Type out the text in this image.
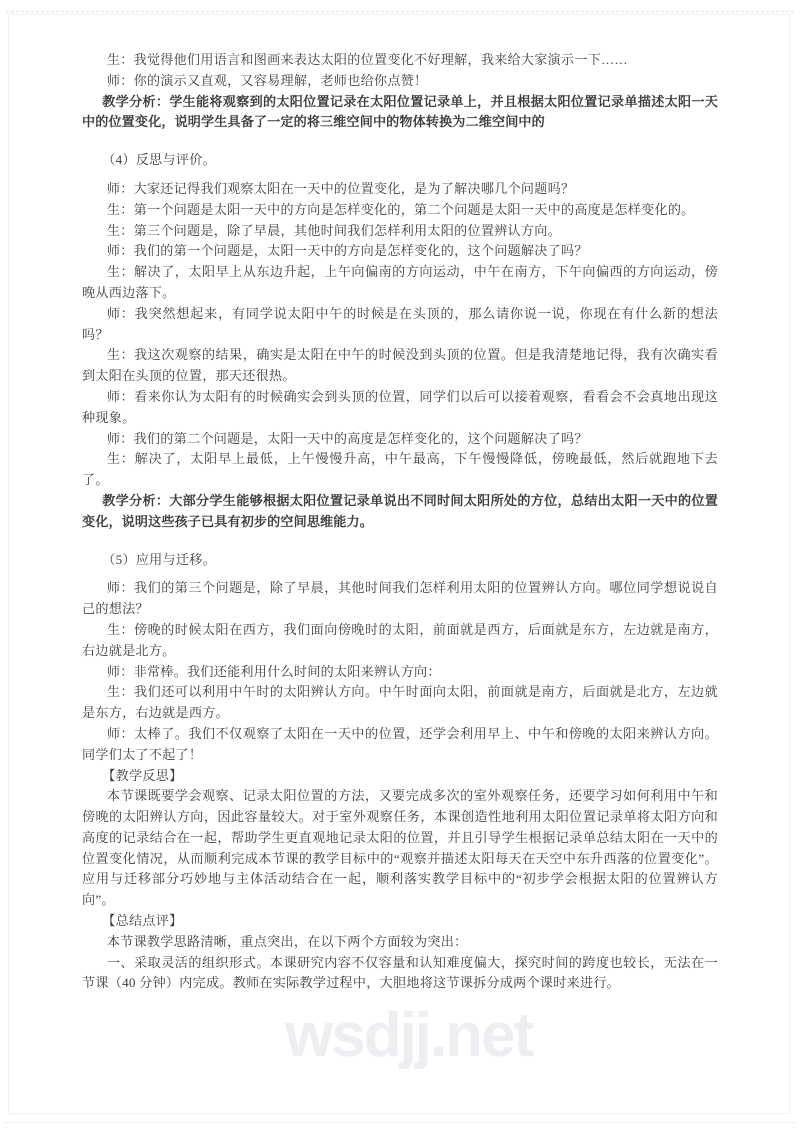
wsdjj.net

生：我觉得他们用语言和图画来表达太阳的位置变化不好理解，我来给大家演示一下……

师：你的演示又直观，又容易理解，老师也给你点赞！

教学分析：学生能将观察到的太阳位置记录在太阳位置记录单上，并且根据太阳位置记录单描述太阳一天中的位置变化，说明学生具备了一定的将三维空间中的物体转换为二维空间中的

（4）反思与评价。

师：大家还记得我们观察太阳在一天中的位置变化，是为了解决哪几个问题吗？

生：第一个问题是太阳一天中的方向是怎样变化的，第二个问题是太阳一天中的高度是怎样变化的。

生：第三个问题是，除了早晨，其他时间我们怎样利用太阳的位置辨认方向。

师：我们的第一个问题是，太阳一天中的方向是怎样变化的，这个问题解决了吗？

生：解决了，太阳早上从东边升起，上午向偏南的方向运动，中午在南方，下午向偏西的方向运动，傍晚从西边落下。

师：我突然想起来，有同学说太阳中午的时候是在头顶的，那么请你说一说，你现在有什么新的想法吗？

生：我这次观察的结果，确实是太阳在中午的时候没到头顶的位置。但是我清楚地记得，我有次确实看到太阳在头顶的位置，那天还很热。

师：看来你认为太阳有的时候确实会到头顶的位置，同学们以后可以接着观察，看看会不会真地出现这种现象。

师：我们的第二个问题是，太阳一天中的高度是怎样变化的，这个问题解决了吗？

生：解决了，太阳早上最低，上午慢慢升高，中午最高，下午慢慢降低，傍晚最低，然后就跑地下去了。

教学分析：大部分学生能够根据太阳位置记录单说出不同时间太阳所处的方位，总结出太阳一天中的位置变化，说明这些孩子已具有初步的空间思维能力。

（5）应用与迁移。

师：我们的第三个问题是，除了早晨，其他时间我们怎样利用太阳的位置辨认方向。哪位同学想说说自己的想法？

生：傍晚的时候太阳在西方，我们面向傍晚时的太阳，前面就是西方，后面就是东方，左边就是南方，右边就是北方。

师：非常棒。我们还能利用什么时间的太阳来辨认方向：

生：我们还可以利用中午时的太阳辨认方向。中午时面向太阳，前面就是南方，后面就是北方，左边就是东方，右边就是西方。

师：太棒了。我们不仅观察了太阳在一天中的位置，还学会利用早上、中午和傍晚的太阳来辨认方向。同学们太了不起了！

【教学反思】

本节课既要学会观察、记录太阳位置的方法，又要完成多次的室外观察任务，还要学习如何利用中午和傍晚的太阳辨认方向，因此容量较大。对于室外观察任务，本课创造性地利用太阳位置记录单将太阳方向和高度的记录结合在一起，帮助学生更直观地记录太阳的位置，并且引导学生根据记录单总结太阳在一天中的位置变化情况，从而顺利完成本节课的教学目标中的“观察并描述太阳每天在天空中东升西落的位置变化”。应用与迁移部分巧妙地与主体活动结合在一起，顺利落实教学目标中的“初步学会根据太阳的位置辨认方向”。

【总结点评】

本节课教学思路清晰，重点突出，在以下两个方面较为突出：

一、采取灵活的组织形式。本课研究内容不仅容量和认知难度偏大，探究时间的跨度也较长，无法在一节课（40 分钟）内完成。教师在实际教学过程中，大胆地将这节课拆分成两个课时来进行。
